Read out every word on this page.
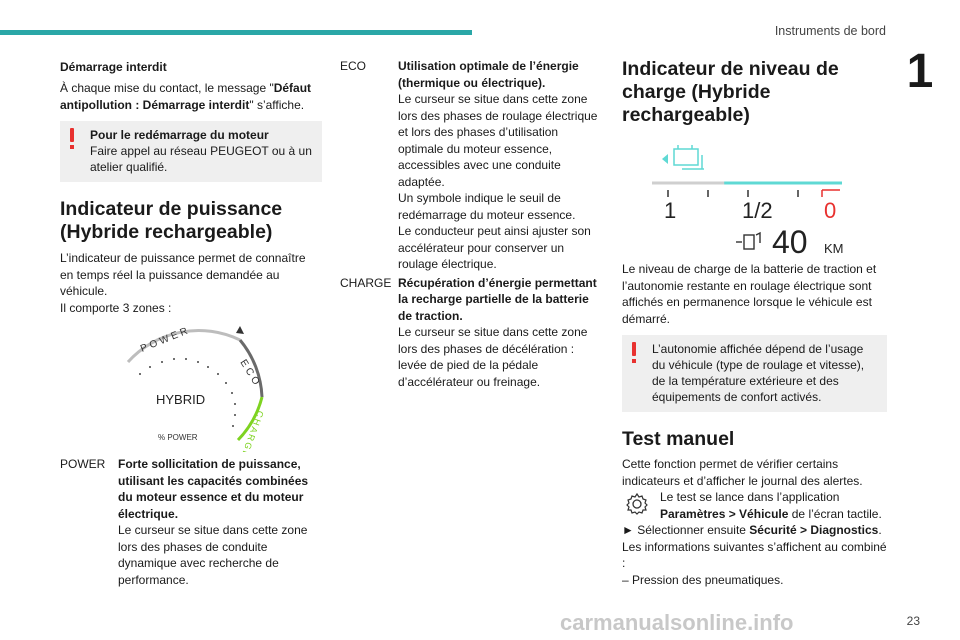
Instruments de bord
1
Démarrage interdit

À chaque mise du contact, le message "Défaut antipollution : Démarrage interdit" s’affiche.

Pour le redémarrage du moteur
Faire appel au réseau PEUGEOT ou à un atelier qualifié.
Indicateur de puissance (Hybride rechargeable)

L’indicateur de puissance permet de connaître en temps réel la puissance demandée au véhicule.

Il comporte 3 zones :

POWER
ECO
CHARGE
HYBRID
% POWER
POWER	Forte sollicitation de puissance, utilisant les capacités combinées du moteur essence et du moteur électrique.
Le curseur se situe dans cette zone lors des phases de conduite dynamique avec recherche de performance.
ECO	Utilisation optimale de l’énergie (thermique ou électrique).
Le curseur se situe dans cette zone lors des phases de roulage électrique et lors des phases d’utilisation optimale du moteur essence, accessibles avec une conduite adaptée.
Un symbole indique le seuil de redémarrage du moteur essence.
Le conducteur peut ainsi ajuster son accélérateur pour conserver un roulage électrique.
CHARGE Récupération d’énergie permettant la recharge partielle de la batterie de traction.
Le curseur se situe dans cette zone lors des phases de décélération : levée de pied de la pédale d’accélérateur ou freinage.
Indicateur de niveau de charge (Hybride rechargeable)
1	1/2 0
40 KM

Le niveau de charge de la batterie de traction et l’autonomie restante en roulage électrique sont affichés en permanence lorsque le véhicule est démarré.

L’autonomie affichée dépend de l’usage du véhicule (type de roulage et vitesse), de la température extérieure et des équipements de confort activés.
Test manuel

Cette fonction permet de vérifier certains indicateurs et d’afficher le journal des alertes.

Le test se lance dans l’application Paramètres > Véhicule de l’écran tactile.

► Sélectionner ensuite Sécurité > Diagnostics.

Les informations suivantes s’affichent au combiné :

– Pression des pneumatiques.

carmanualsonline.info	23
